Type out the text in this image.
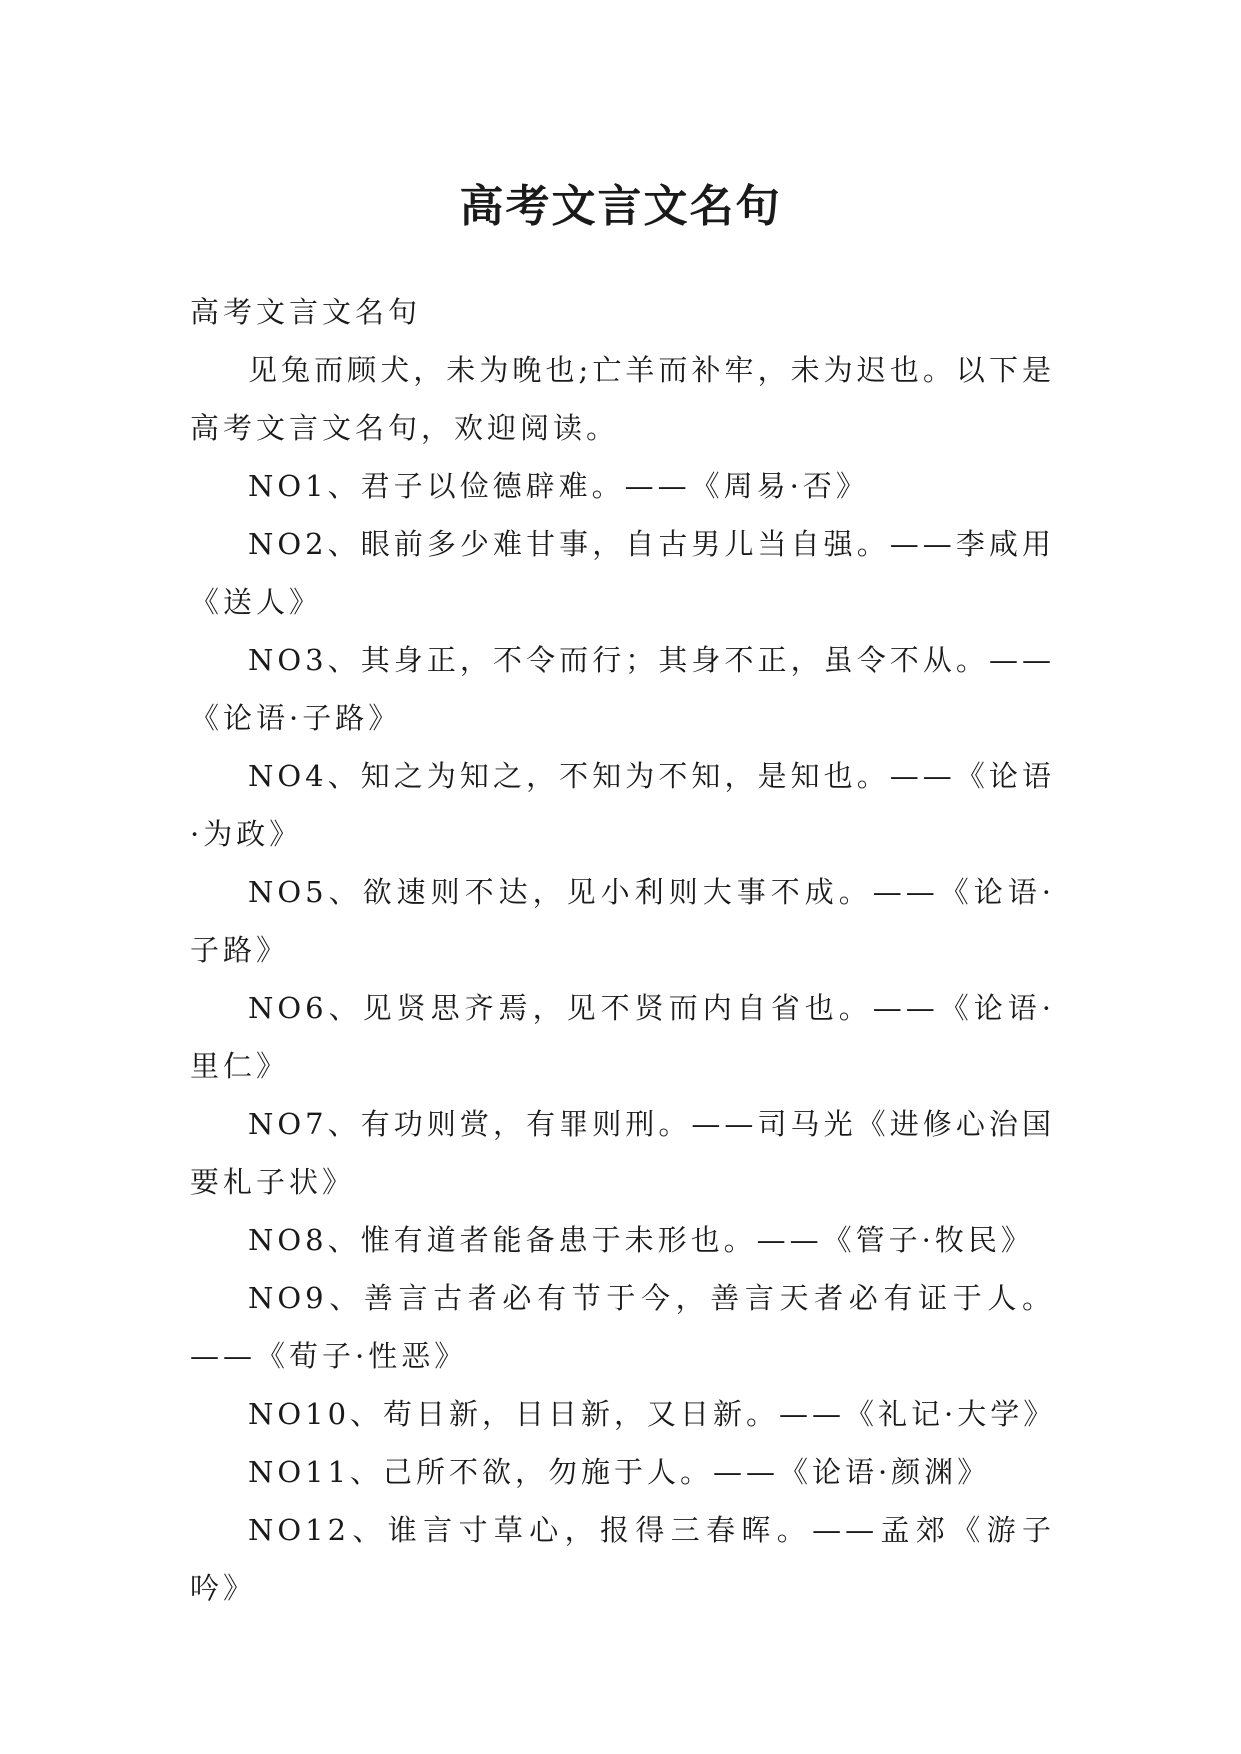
高考文言文名句

高考文言文名句

见兔而顾犬，未为晚也;亡羊而补牢，未为迟也。以下是高考文言文名句，欢迎阅读。

NO1、君子以俭德辟难。——《周易·否》

NO2、眼前多少难甘事，自古男儿当自强。——李咸用《送人》

NO3、其身正，不令而行；其身不正，虽令不从。——《论语·子路》

NO4、知之为知之，不知为不知，是知也。——《论语·为政》

NO5、欲速则不达，见小利则大事不成。——《论语·子路》

NO6、见贤思齐焉，见不贤而内自省也。——《论语·里仁》

NO7、有功则赏，有罪则刑。——司马光《进修心治国要札子状》

NO8、惟有道者能备患于未形也。——《管子·牧民》

NO9、善言古者必有节于今，善言天者必有证于人。——《荀子·性恶》

NO10、苟日新，日日新，又日新。——《礼记·大学》

NO11、己所不欲，勿施于人。——《论语·颜渊》

NO12、谁言寸草心，报得三春晖。——孟郊《游子吟》
